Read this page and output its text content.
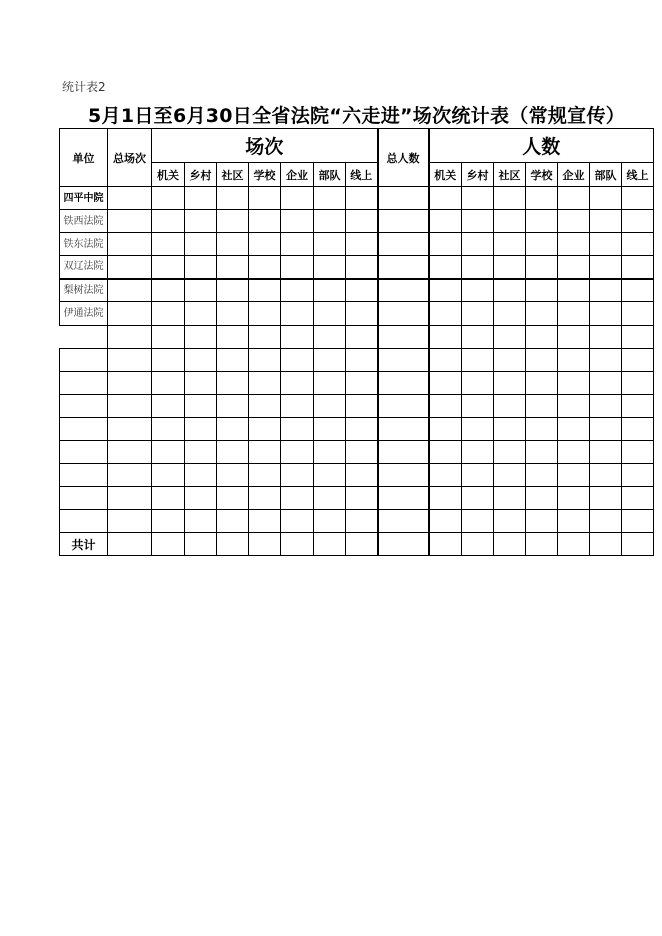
统计表2
5月1日至6月30日全省法院“六走进”场次统计表（常规宣传）
单位	总场次	场次							总人数	人数						
		机关	乡村	社区	学校	企业	部队	线上		机关	乡村	社区	学校	企业	部队	线上
四平中院																
铁西法院																
铁东法院																
双辽法院																
梨树法院																
伊通法院																

共计																
